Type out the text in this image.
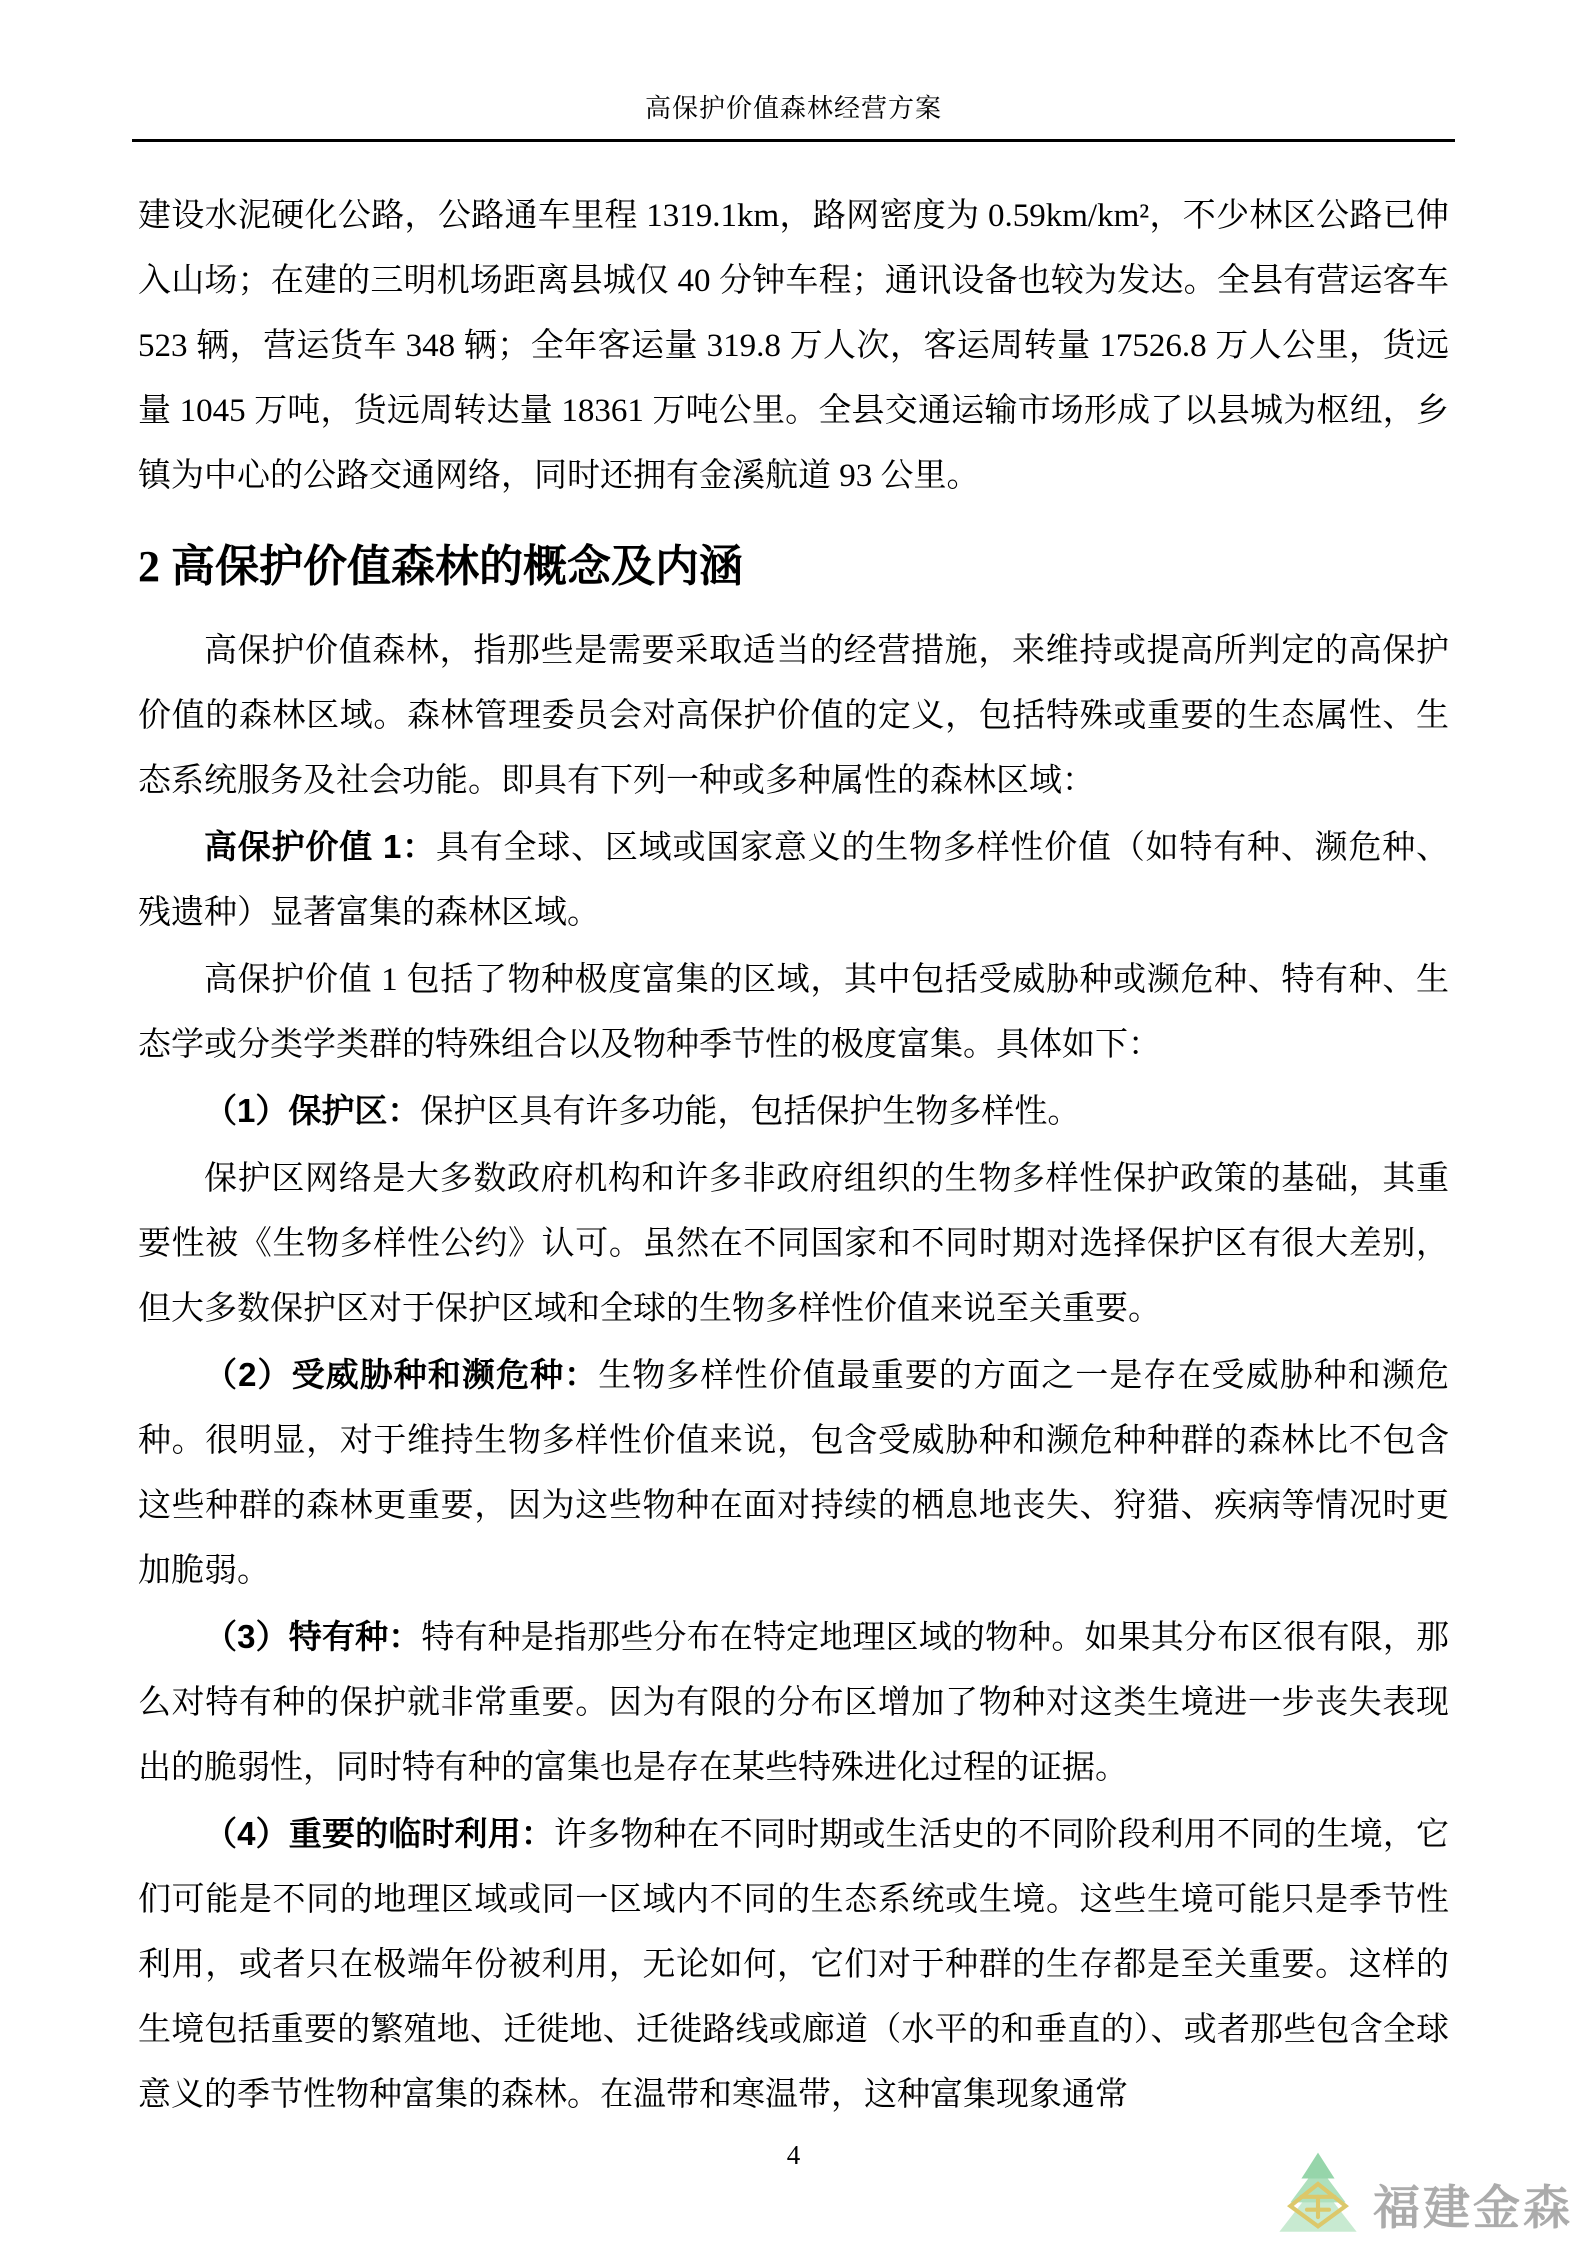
高保护价值森林经营方案

建设水泥硬化公路，公路通车里程 1319.1km，路网密度为 0.59km/km²，不少林区公路已伸入山场；在建的三明机场距离县城仅 40 分钟车程；通讯设备也较为发达。全县有营运客车 523 辆，营运货车 348 辆；全年客运量 319.8 万人次，客运周转量 17526.8 万人公里，货远量 1045 万吨，货远周转达量 18361 万吨公里。全县交通运输市场形成了以县城为枢纽，乡镇为中心的公路交通网络，同时还拥有金溪航道 93 公里。

2 高保护价值森林的概念及内涵

高保护价值森林，指那些是需要采取适当的经营措施，来维持或提高所判定的高保护价值的森林区域。森林管理委员会对高保护价值的定义，包括特殊或重要的生态属性、生态系统服务及社会功能。即具有下列一种或多种属性的森林区域：

高保护价值 1：具有全球、区域或国家意义的生物多样性价值（如特有种、濒危种、残遗种）显著富集的森林区域。

高保护价值 1 包括了物种极度富集的区域，其中包括受威胁种或濒危种、特有种、生态学或分类学类群的特殊组合以及物种季节性的极度富集。具体如下：

（1）保护区：保护区具有许多功能，包括保护生物多样性。

保护区网络是大多数政府机构和许多非政府组织的生物多样性保护政策的基础，其重要性被《生物多样性公约》认可。虽然在不同国家和不同时期对选择保护区有很大差别，但大多数保护区对于保护区域和全球的生物多样性价值来说至关重要。

（2）受威胁种和濒危种：生物多样性价值最重要的方面之一是存在受威胁种和濒危种。很明显，对于维持生物多样性价值来说，包含受威胁种和濒危种种群的森林比不包含这些种群的森林更重要，因为这些物种在面对持续的栖息地丧失、狩猎、疾病等情况时更加脆弱。

（3）特有种：特有种是指那些分布在特定地理区域的物种。如果其分布区很有限，那么对特有种的保护就非常重要。因为有限的分布区增加了物种对这类生境进一步丧失表现出的脆弱性，同时特有种的富集也是存在某些特殊进化过程的证据。

（4）重要的临时利用：许多物种在不同时期或生活史的不同阶段利用不同的生境，它们可能是不同的地理区域或同一区域内不同的生态系统或生境。这些生境可能只是季节性利用，或者只在极端年份被利用，无论如何，它们对于种群的生存都是至关重要。这样的生境包括重要的繁殖地、迁徙地、迁徙路线或廊道（水平的和垂直的）、或者那些包含全球意义的季节性物种富集的森林。在温带和寒温带，这种富集现象通常

4
福建金森
